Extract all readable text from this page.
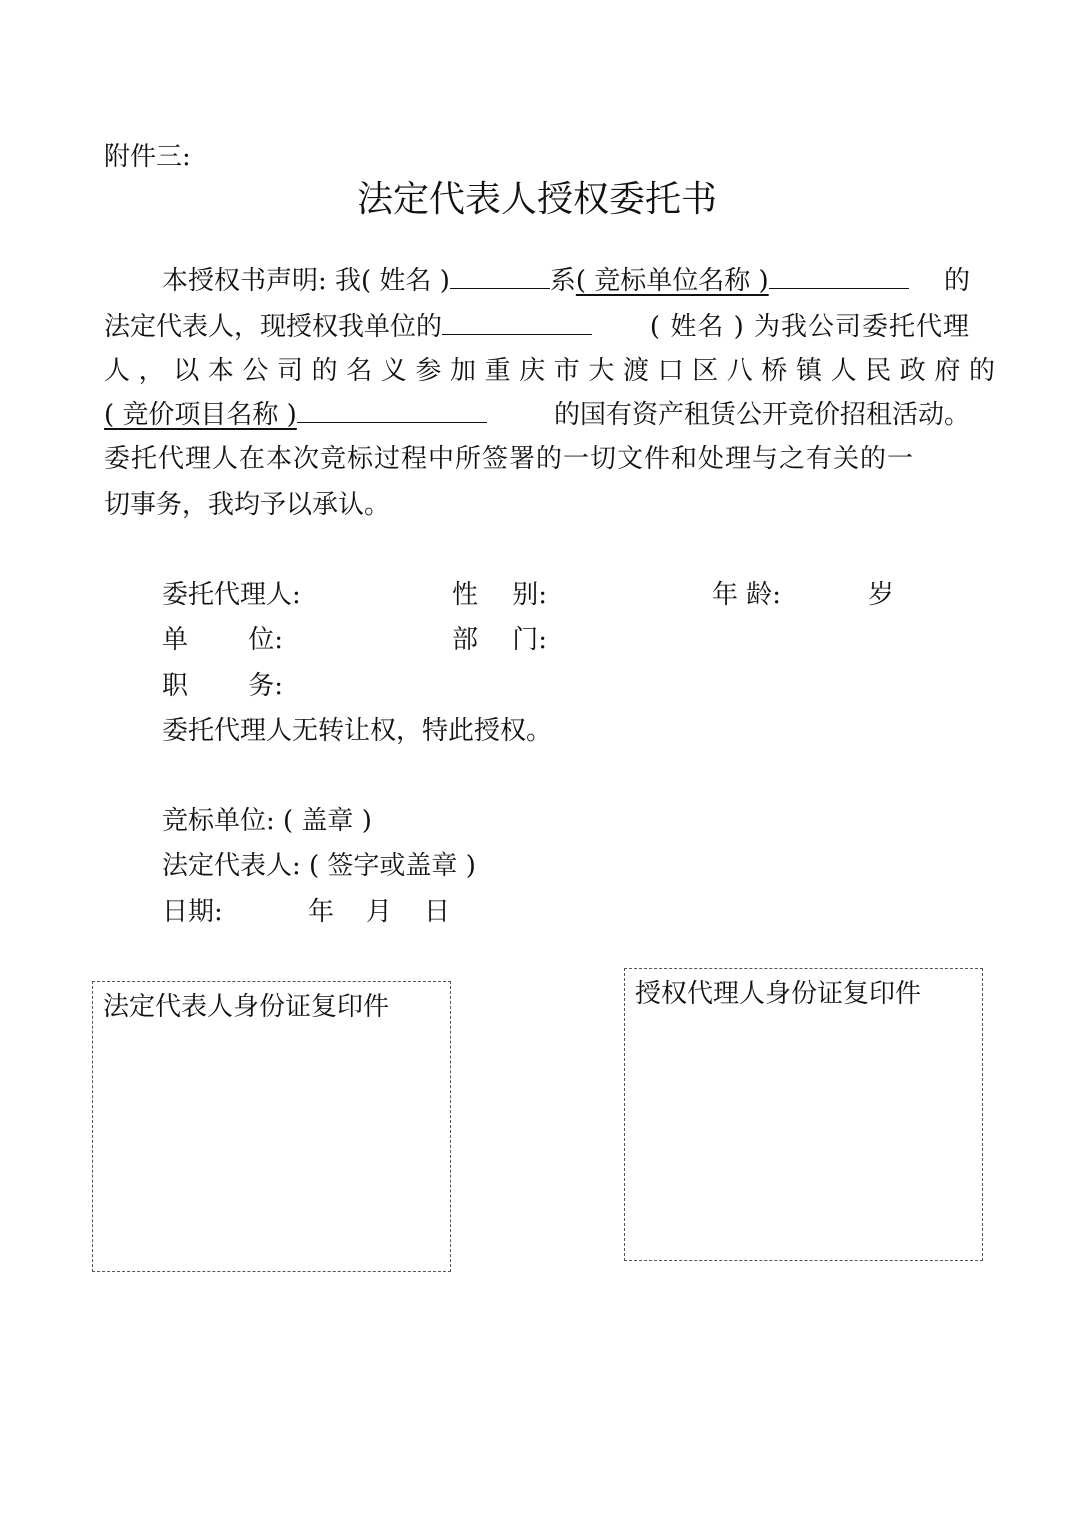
附件三:
法定代表人授权委托书
本授权书声明: 我( 姓名 )	系 ( 竞标单位名称 )	的
法定代表人，现授权我单位的	( 姓名 ) 为我公司委托代理
人，以本公司的名义参加重庆市大渡口区八桥镇人民政府的
( 竞价项目名称 )	的国有资产租赁公开竞价招租活动。
委托代理人在本次竞标过程中所签署的一切文件和处理与之有关的一
切事务，我均予以承认。
委托代理人:	性　 别:	年 龄:	岁
单　　 位:	部　 门:
职　　 务:
委托代理人无转让权，特此授权。
竞标单位: ( 盖章 )
法定代表人: ( 签字或盖章 )
日期:	年 月 日
法定代表人身份证复印件	授权代理人身份证复印件
